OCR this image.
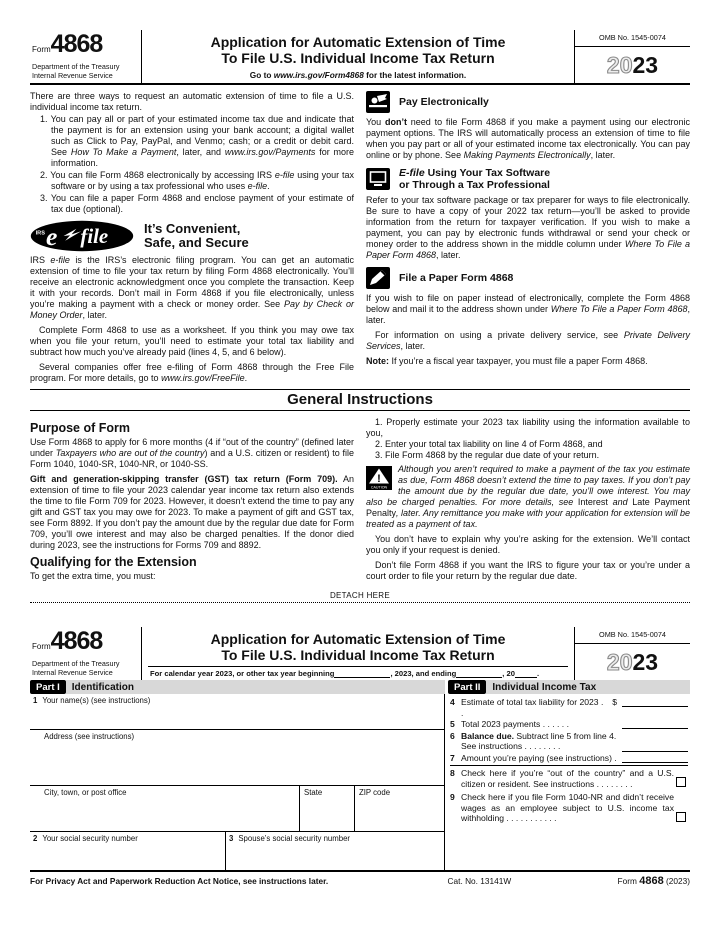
Form4868
Department of the Treasury
Internal Revenue Service
Application for Automatic Extension of Time
To File U.S. Individual Income Tax Return
Go to www.irs.gov/Form4868 for the latest information.
OMB No. 1545-0074
20 23
There are three ways to request an automatic extension of time to file a U.S. individual income tax return.
1. You can pay all or part of your estimated income tax due and indicate that the payment is for an extension using your bank account; a digital wallet such as Click to Pay, PayPal, and Venmo; cash; or a credit or debit card. See How To Make a Payment, later, and www.irs.gov/Payments for more information.
2. You can file Form 4868 electronically by accessing IRS e-file using your tax software or by using a tax professional who uses e-file.
3. You can file a paper Form 4868 and enclose payment of your estimate of tax due (optional).
IRS e file	It’s Convenient,
Safe, and Secure
IRS e-file is the IRS’s electronic filing program. You can get an automatic extension of time to file your tax return by filing Form 4868 electronically. You’ll receive an electronic acknowledgment once you complete the transaction. Keep it with your records. Don’t mail in Form 4868 if you file electronically, unless you’re making a payment with a check or money order. See Pay by Check or Money Order, later.
Complete Form 4868 to use as a worksheet. If you think you may owe tax when you file your return, you’ll need to estimate your total tax liability and subtract how much you’ve already paid (lines 4, 5, and 6 below).
Several companies offer free e-filing of Form 4868 through the Free File program. For more details, go to www.irs.gov/FreeFile.
Pay Electronically
You don’t need to file Form 4868 if you make a payment using our electronic payment options. The IRS will automatically process an extension of time to file when you pay part or all of your estimated income tax electronically. You can pay online or by phone. See Making Payments Electronically, later.
E-file Using Your Tax Software
or Through a Tax Professional
Refer to your tax software package or tax preparer for ways to file electronically. Be sure to have a copy of your 2022 tax return—you’ll be asked to provide information from the return for taxpayer verification. If you wish to make a payment, you can pay by electronic funds withdrawal or send your check or money order to the address shown in the middle column under Where To File a Paper Form 4868, later.
File a Paper Form 4868
If you wish to file on paper instead of electronically, complete the Form 4868 below and mail it to the address shown under Where To File a Paper Form 4868, later.
For information on using a private delivery service, see Private Delivery Services, later.
Note: If you’re a fiscal year taxpayer, you must file a paper Form 4868.
General Instructions
Purpose of Form
Use Form 4868 to apply for 6 more months (4 if “out of the country” (defined later under Taxpayers who are out of the country) and a U.S. citizen or resident) to file Form 1040, 1040-SR, 1040-NR, or 1040-SS.
Gift and generation-skipping transfer (GST) tax return (Form 709). An extension of time to file your 2023 calendar year income tax return also extends the time to file Form 709 for 2023. However, it doesn’t extend the time to pay any gift and GST tax you may owe for 2023. To make a payment of gift and GST tax, see Form 8892. If you don’t pay the amount due by the regular due date for Form 709, you’ll owe interest and may also be charged penalties. If the donor died during 2023, see the instructions for Forms 709 and 8892.
Qualifying for the Extension
To get the extra time, you must:
1. Properly estimate your 2023 tax liability using the information available to you,
2. Enter your total tax liability on line 4 of Form 4868, and
3. File Form 4868 by the regular due date of your return.
!
CAUTION
Although you aren’t required to make a payment of the tax you estimate as due, Form 4868 doesn’t extend the time to pay taxes. If you don’t pay the amount due by the regular due date, you’ll owe interest. You may also be charged penalties. For more details, see Interest and Late Payment Penalty, later. Any remittance you make with your application for extension will be treated as a payment of tax.
You don’t have to explain why you’re asking for the extension. We’ll contact you only if your request is denied.
Don’t file Form 4868 if you want the IRS to figure your tax or you’re under a court order to file your return by the regular due date.
DETACH HERE
Form4868
Department of the Treasury
Internal Revenue Service
Application for Automatic Extension of Time
To File U.S. Individual Income Tax Return
For calendar year 2023, or other tax year beginning	, 2023, and ending	, 20	.
OMB No. 1545-0074
20 23
Part I	Identification	Part II	Individual Income Tax
1 Your name(s) (see instructions)
Address (see instructions)
City, town, or post office	State	ZIP code
2 Your social security number	3 Spouse’s social security number
4 Estimate of total tax liability for 2023 . .
$
5 Total 2023 payments . . . . . .
6 Balance due. Subtract line 5 from line 4.
See instructions . . . . . . . .
7 Amount you’re paying (see instructions) .
8 Check here if you’re “out of the country” and a U.S. citizen or resident. See instructions . . . . . . . .
9 Check here if you file Form 1040-NR and didn’t receive wages as an employee subject to U.S. income tax withholding . . . . . . . . . . .
For Privacy Act and Paperwork Reduction Act Notice, see instructions later.	Cat. No. 13141W	Form 4868 (2023)
